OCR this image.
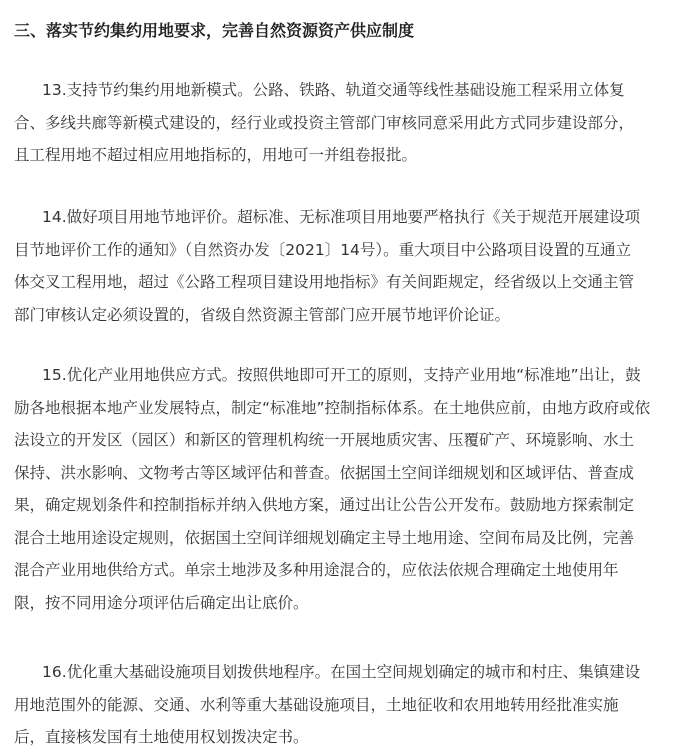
三、落实节约集约用地要求，完善自然资源资产供应制度
13.支持节约集约用地新模式。公路、铁路、轨道交通等线性基础设施工程采用立体复
合、多线共廊等新模式建设的，经行业或投资主管部门审核同意采用此方式同步建设部分，
且工程用地不超过相应用地指标的，用地可一并组卷报批。
14.做好项目用地节地评价。超标准、无标准项目用地要严格执行《关于规范开展建设项
目节地评价工作的通知》（自然资办发〔2021〕14号）。重大项目中公路项目设置的互通立
体交叉工程用地，超过《公路工程项目建设用地指标》有关间距规定，经省级以上交通主管
部门审核认定必须设置的，省级自然资源主管部门应开展节地评价论证。
15.优化产业用地供应方式。按照供地即可开工的原则，支持产业用地“标准地”出让，鼓
励各地根据本地产业发展特点，制定“标准地”控制指标体系。在土地供应前，由地方政府或依
法设立的开发区（园区）和新区的管理机构统一开展地质灾害、压覆矿产、环境影响、水土
保持、洪水影响、文物考古等区域评估和普查。依据国土空间详细规划和区域评估、普查成
果，确定规划条件和控制指标并纳入供地方案，通过出让公告公开发布。鼓励地方探索制定
混合土地用途设定规则，依据国土空间详细规划确定主导土地用途、空间布局及比例，完善
混合产业用地供给方式。单宗土地涉及多种用途混合的，应依法依规合理确定土地使用年
限，按不同用途分项评估后确定出让底价。
16.优化重大基础设施项目划拨供地程序。在国土空间规划确定的城市和村庄、集镇建设
用地范围外的能源、交通、水利等重大基础设施项目，土地征收和农用地转用经批准实施
后，直接核发国有土地使用权划拨决定书。
